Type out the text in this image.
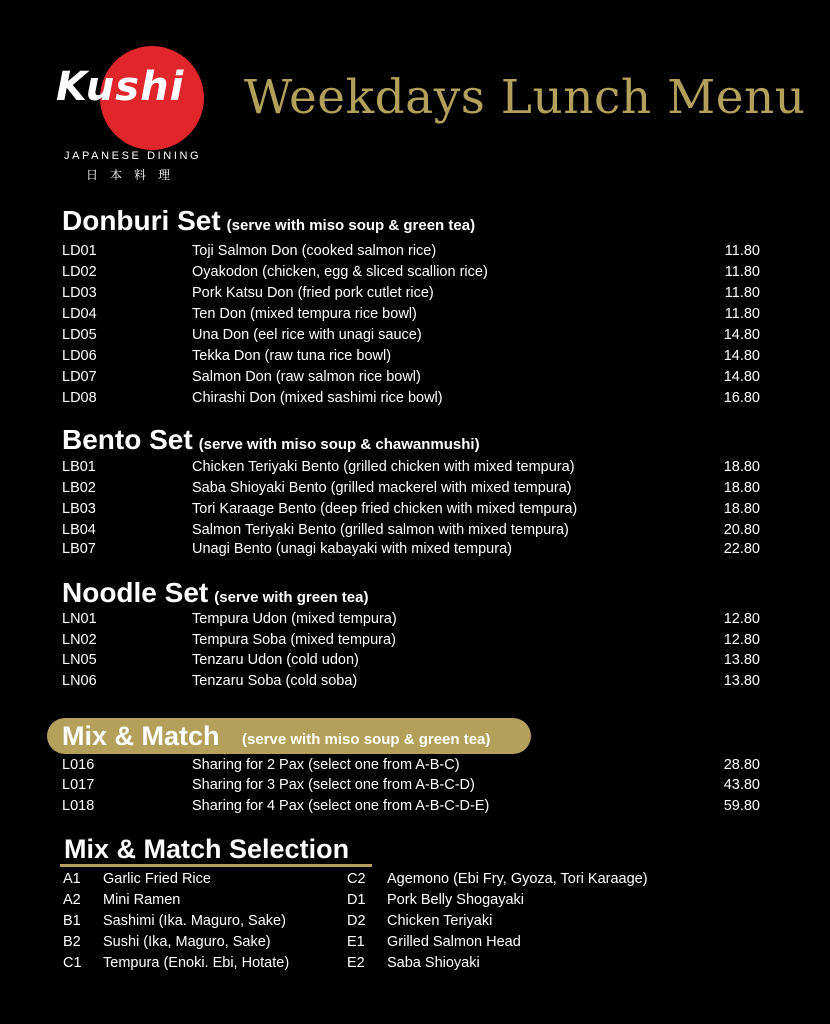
Kushi
JAPANESE DINING
日本料理
Weekdays Lunch Menu
Donburi Set (serve with miso soup & green tea)
LD01	Toji Salmon Don (cooked salmon rice)	11.80
LD02	Oyakodon (chicken, egg & sliced scallion rice)	11.80
LD03	Pork Katsu Don (fried pork cutlet rice)	11.80
LD04	Ten Don (mixed tempura rice bowl)	11.80
LD05	Una Don (eel rice with unagi sauce)	14.80
LD06	Tekka Don (raw tuna rice bowl)	14.80
LD07	Salmon Don (raw salmon rice bowl)	14.80
LD08	Chirashi Don (mixed sashimi rice bowl)	16.80
Bento Set (serve with miso soup & chawanmushi)
LB01	Chicken Teriyaki Bento (grilled chicken with mixed tempura)	18.80
LB02	Saba Shioyaki Bento (grilled mackerel with mixed tempura)	18.80
LB03	Tori Karaage Bento (deep fried chicken with mixed tempura)	18.80
LB04	Salmon Teriyaki Bento (grilled salmon with mixed tempura)	20.80
LB07	Unagi Bento (unagi kabayaki with mixed tempura)	22.80
Noodle Set (serve with green tea)
LN01	Tempura Udon (mixed tempura)	12.80
LN02	Tempura Soba (mixed tempura)	12.80
LN05	Tenzaru Udon (cold udon)	13.80
LN06	Tenzaru Soba (cold soba)	13.80
Mix & Match (serve with miso soup & green tea)
L016	Sharing for 2 Pax (select one from A-B-C)	28.80
L017	Sharing for 3 Pax (select one from A-B-C-D)	43.80
L018	Sharing for 4 Pax (select one from A-B-C-D-E)	59.80
Mix & Match Selection
A1 Garlic Fried Rice
A2 Mini Ramen
B1 Sashimi (Ika. Maguro, Sake)
B2 Sushi (Ika, Maguro, Sake)
C1 Tempura (Enoki. Ebi, Hotate)
C2 Agemono (Ebi Fry, Gyoza, Tori Karaage)
D1 Pork Belly Shogayaki
D2 Chicken Teriyaki
E1 Grilled Salmon Head
E2 Saba Shioyaki
